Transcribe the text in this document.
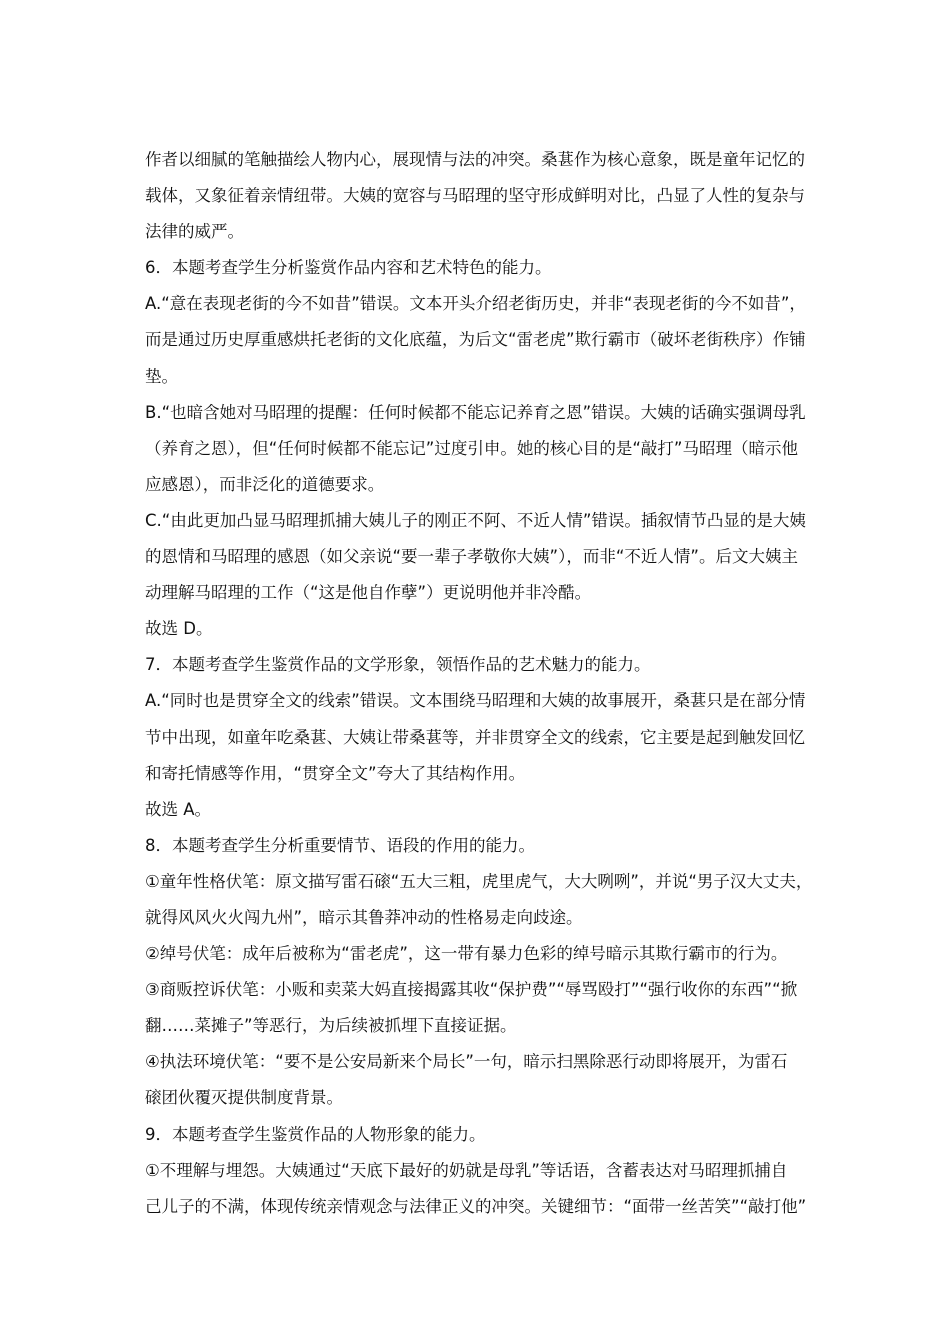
作者以细腻的笔触描绘人物内心，展现情与法的冲突。桑葚作为核心意象，既是童年记忆的
载体，又象征着亲情纽带。大姨的宽容与马昭理的坚守形成鲜明对比，凸显了人性的复杂与
法律的威严。
6．本题考查学生分析鉴赏作品内容和艺术特色的能力。
A.“意在表现老街的今不如昔”错误。文本开头介绍老街历史，并非“表现老街的今不如昔”，
而是通过历史厚重感烘托老街的文化底蕴，为后文“雷老虎”欺行霸市（破坏老街秩序）作铺
垫。
B.“也暗含她对马昭理的提醒：任何时候都不能忘记养育之恩”错误。大姨的话确实强调母乳
（养育之恩），但“任何时候都不能忘记”过度引申。她的核心目的是“敲打”马昭理（暗示他
应感恩），而非泛化的道德要求。
C.“由此更加凸显马昭理抓捕大姨儿子的刚正不阿、不近人情”错误。插叙情节凸显的是大姨
的恩情和马昭理的感恩（如父亲说“要一辈子孝敬你大姨”），而非“不近人情”。后文大姨主
动理解马昭理的工作（“这是他自作孽”）更说明他并非冷酷。
故选 D。
7．本题考查学生鉴赏作品的文学形象，领悟作品的艺术魅力的能力。
A.“同时也是贯穿全文的线索”错误。文本围绕马昭理和大姨的故事展开，桑葚只是在部分情
节中出现，如童年吃桑葚、大姨让带桑葚等，并非贯穿全文的线索，它主要是起到触发回忆
和寄托情感等作用，“贯穿全文”夸大了其结构作用。
故选 A。
8．本题考查学生分析重要情节、语段的作用的能力。
①童年性格伏笔：原文描写雷石磙“五大三粗，虎里虎气，大大咧咧”，并说“男子汉大丈夫，
就得风风火火闯九州”，暗示其鲁莽冲动的性格易走向歧途。
②绰号伏笔：成年后被称为“雷老虎”，这一带有暴力色彩的绰号暗示其欺行霸市的行为。
③商贩控诉伏笔：小贩和卖菜大妈直接揭露其收“保护费”“辱骂殴打”“强行收你的东西”“掀
翻……菜摊子”等恶行，为后续被抓埋下直接证据。
④执法环境伏笔：“要不是公安局新来个局长”一句，暗示扫黑除恶行动即将展开，为雷石
磙团伙覆灭提供制度背景。
9．本题考查学生鉴赏作品的人物形象的能力。
①不理解与埋怨。大姨通过“天底下最好的奶就是母乳”等话语，含蓄表达对马昭理抓捕自
己儿子的不满，体现传统亲情观念与法律正义的冲突。关键细节：“面带一丝苦笑”“敲打他”
